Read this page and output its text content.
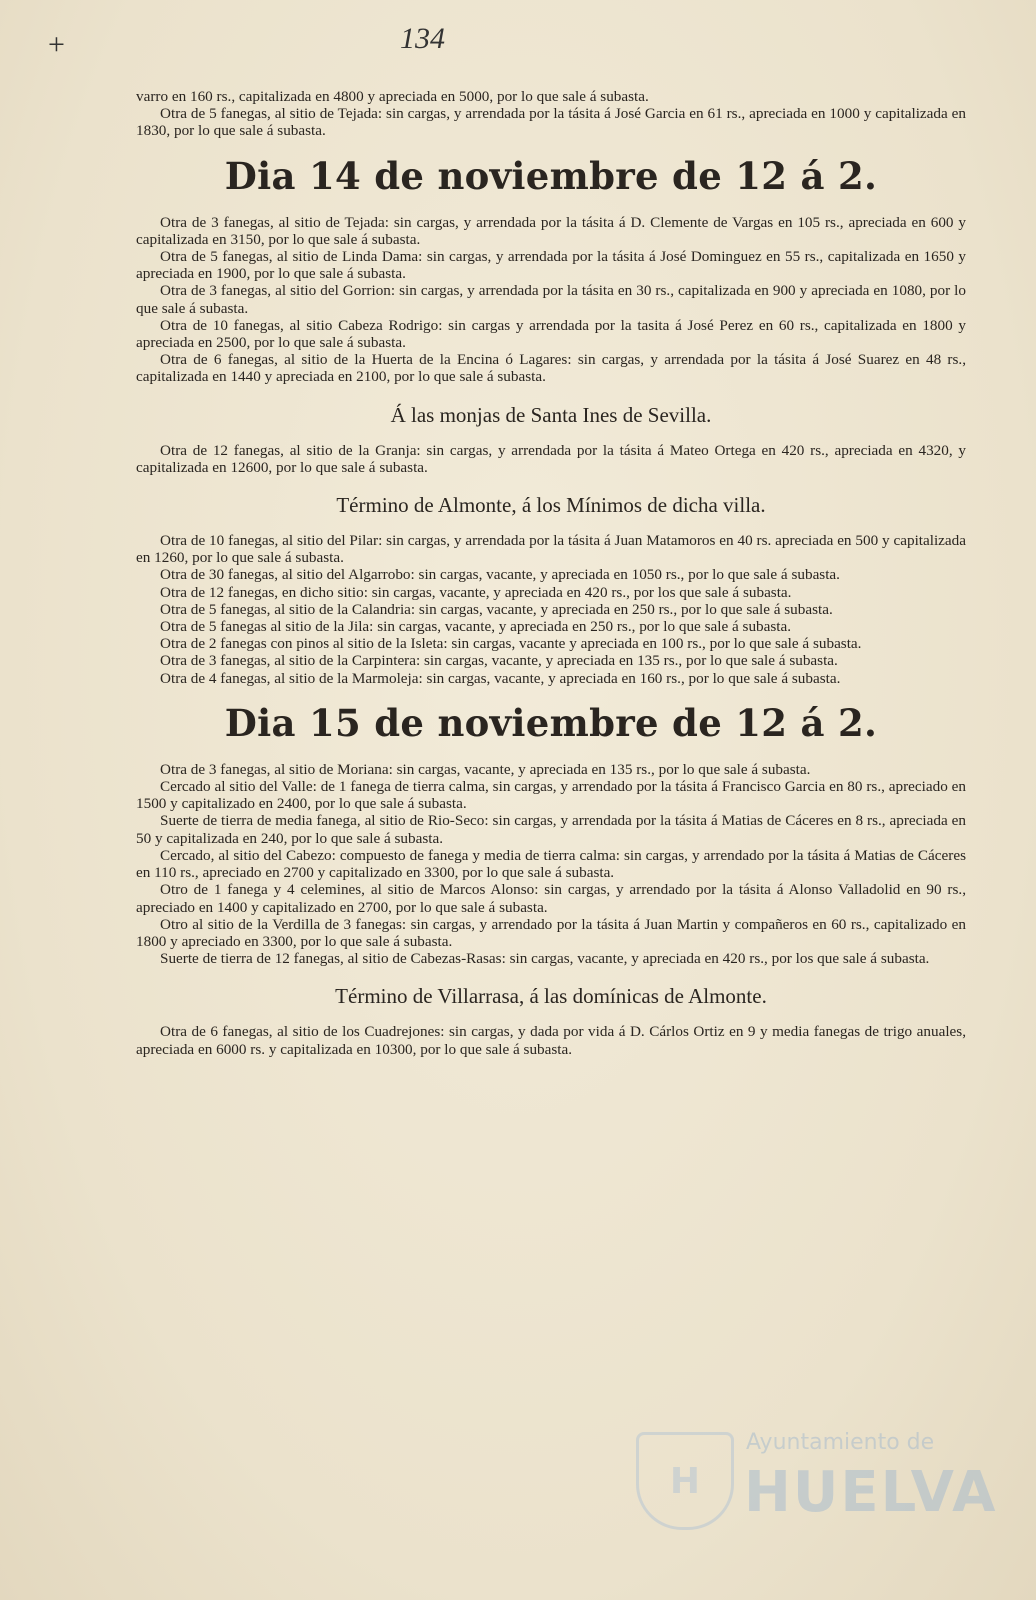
+	134

varro en 160 rs., capitalizada en 4800 y apreciada en 5000, por lo que sale á subasta.

Otra de 5 fanegas, al sitio de Tejada: sin cargas, y arrendada por la tásita á José Garcia en 61 rs., apreciada en 1000 y capitalizada en 1830, por lo que sale á subasta.

Dia 14 de noviembre de 12 á 2.

Otra de 3 fanegas, al sitio de Tejada: sin cargas, y arrendada por la tásita á D. Clemente de Vargas en 105 rs., apreciada en 600 y capitalizada en 3150, por lo que sale á subasta.

Otra de 5 fanegas, al sitio de Linda Dama: sin cargas, y arrendada por la tásita á José Dominguez en 55 rs., capitalizada en 1650 y apreciada en 1900, por lo que sale á subasta.

Otra de 3 fanegas, al sitio del Gorrion: sin cargas, y arrendada por la tásita en 30 rs., capitalizada en 900 y apreciada en 1080, por lo que sale á subasta.

Otra de 10 fanegas, al sitio Cabeza Rodrigo: sin cargas y arrendada por la tasita á José Perez en 60 rs., capitalizada en 1800 y apreciada en 2500, por lo que sale á subasta.

Otra de 6 fanegas, al sitio de la Huerta de la Encina ó Lagares: sin cargas, y arrendada por la tásita á José Suarez en 48 rs., capitalizada en 1440 y apreciada en 2100, por lo que sale á subasta.

Á las monjas de Santa Ines de Sevilla.

Otra de 12 fanegas, al sitio de la Granja: sin cargas, y arrendada por la tásita á Mateo Ortega en 420 rs., apreciada en 4320, y capitalizada en 12600, por lo que sale á subasta.

Término de Almonte, á los Mínimos de dicha villa.

Otra de 10 fanegas, al sitio del Pilar: sin cargas, y arrendada por la tásita á Juan Matamoros en 40 rs. apreciada en 500 y capitalizada en 1260, por lo que sale á subasta.

Otra de 30 fanegas, al sitio del Algarrobo: sin cargas, vacante, y apreciada en 1050 rs., por lo que sale á subasta.

Otra de 12 fanegas, en dicho sitio: sin cargas, vacante, y apreciada en 420 rs., por los que sale á subasta.

Otra de 5 fanegas, al sitio de la Calandria: sin cargas, vacante, y apreciada en 250 rs., por lo que sale á subasta.

Otra de 5 fanegas al sitio de la Jila: sin cargas, vacante, y apreciada en 250 rs., por lo que sale á subasta.

Otra de 2 fanegas con pinos al sitio de la Isleta: sin cargas, vacante y apreciada en 100 rs., por lo que sale á subasta.

Otra de 3 fanegas, al sitio de la Carpintera: sin cargas, vacante, y apreciada en 135 rs., por lo que sale á subasta.

Otra de 4 fanegas, al sitio de la Marmoleja: sin cargas, vacante, y apreciada en 160 rs., por lo que sale á subasta.

Dia 15 de noviembre de 12 á 2.

Otra de 3 fanegas, al sitio de Moriana: sin cargas, vacante, y apreciada en 135 rs., por lo que sale á subasta.

Cercado al sitio del Valle: de 1 fanega de tierra calma, sin cargas, y arrendado por la tásita á Francisco Garcia en 80 rs., apreciado en 1500 y capitalizado en 2400, por lo que sale á subasta.

Suerte de tierra de media fanega, al sitio de Rio-Seco: sin cargas, y arrendada por la tásita á Matias de Cáceres en 8 rs., apreciada en 50 y capitalizada en 240, por lo que sale á subasta.

Cercado, al sitio del Cabezo: compuesto de fanega y media de tierra calma: sin cargas, y arrendado por la tásita á Matias de Cáceres en 110 rs., apreciado en 2700 y capitalizado en 3300, por lo que sale á subasta.

Otro de 1 fanega y 4 celemines, al sitio de Marcos Alonso: sin cargas, y arrendado por la tásita á Alonso Valladolid en 90 rs., apreciado en 1400 y capitalizado en 2700, por lo que sale á subasta.

Otro al sitio de la Verdilla de 3 fanegas: sin cargas, y arrendado por la tásita á Juan Martin y compañeros en 60 rs., capitalizado en 1800 y apreciado en 3300, por lo que sale á subasta.

Suerte de tierra de 12 fanegas, al sitio de Cabezas-Rasas: sin cargas, vacante, y apreciada en 420 rs., por los que sale á subasta.

Término de Villarrasa, á las domínicas de Almonte.

Otra de 6 fanegas, al sitio de los Cuadrejones: sin cargas, y dada por vida á D. Cárlos Ortiz en 9 y media fanegas de trigo anuales, apreciada en 6000 rs. y capitalizada en 10300, por lo que sale á subasta.

H
Ayuntamiento de
HUELVA
